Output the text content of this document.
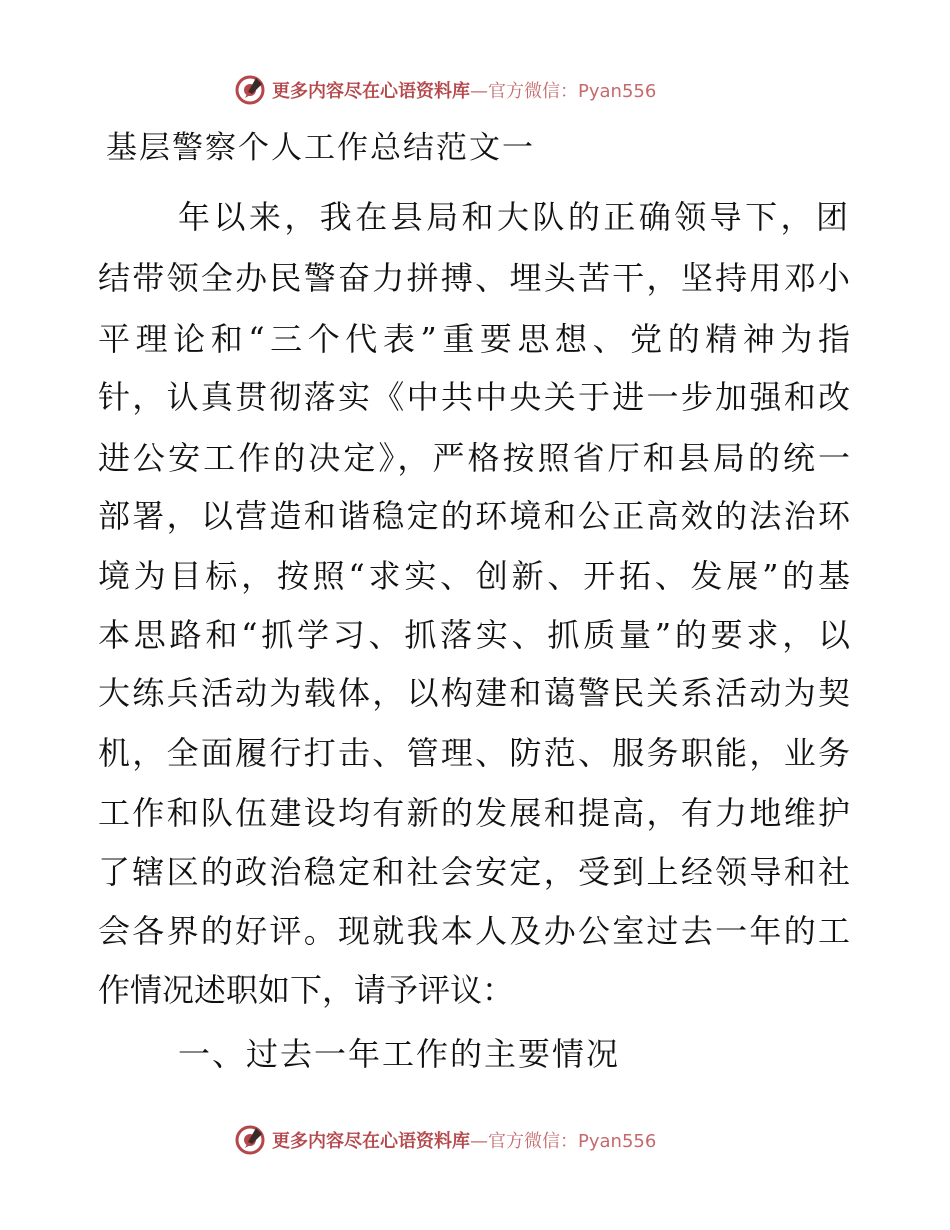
更多内容尽在心语资料库—官方微信：Pyan556
基层警察个人工作总结范文一

年以来，我在县局和大队的正确领导下，团

结带领全办民警奋力拼搏、埋头苦干，坚持用邓小

平理论和“三个代表”重要思想、党的精神为指

针，认真贯彻落实《中共中央关于进一步加强和改

进公安工作的决定》，严格按照省厅和县局的统一

部署，以营造和谐稳定的环境和公正高效的法治环

境为目标，按照“求实、创新、开拓、发展”的基

本思路和“抓学习、抓落实、抓质量”的要求，以

大练兵活动为载体，以构建和蔼警民关系活动为契

机，全面履行打击、管理、防范、服务职能，业务

工作和队伍建设均有新的发展和提高，有力地维护

了辖区的政治稳定和社会安定，受到上经领导和社

会各界的好评。现就我本人及办公室过去一年的工

作情况述职如下，请予评议：

一、过去一年工作的主要情况
更多内容尽在心语资料库—官方微信：Pyan556
